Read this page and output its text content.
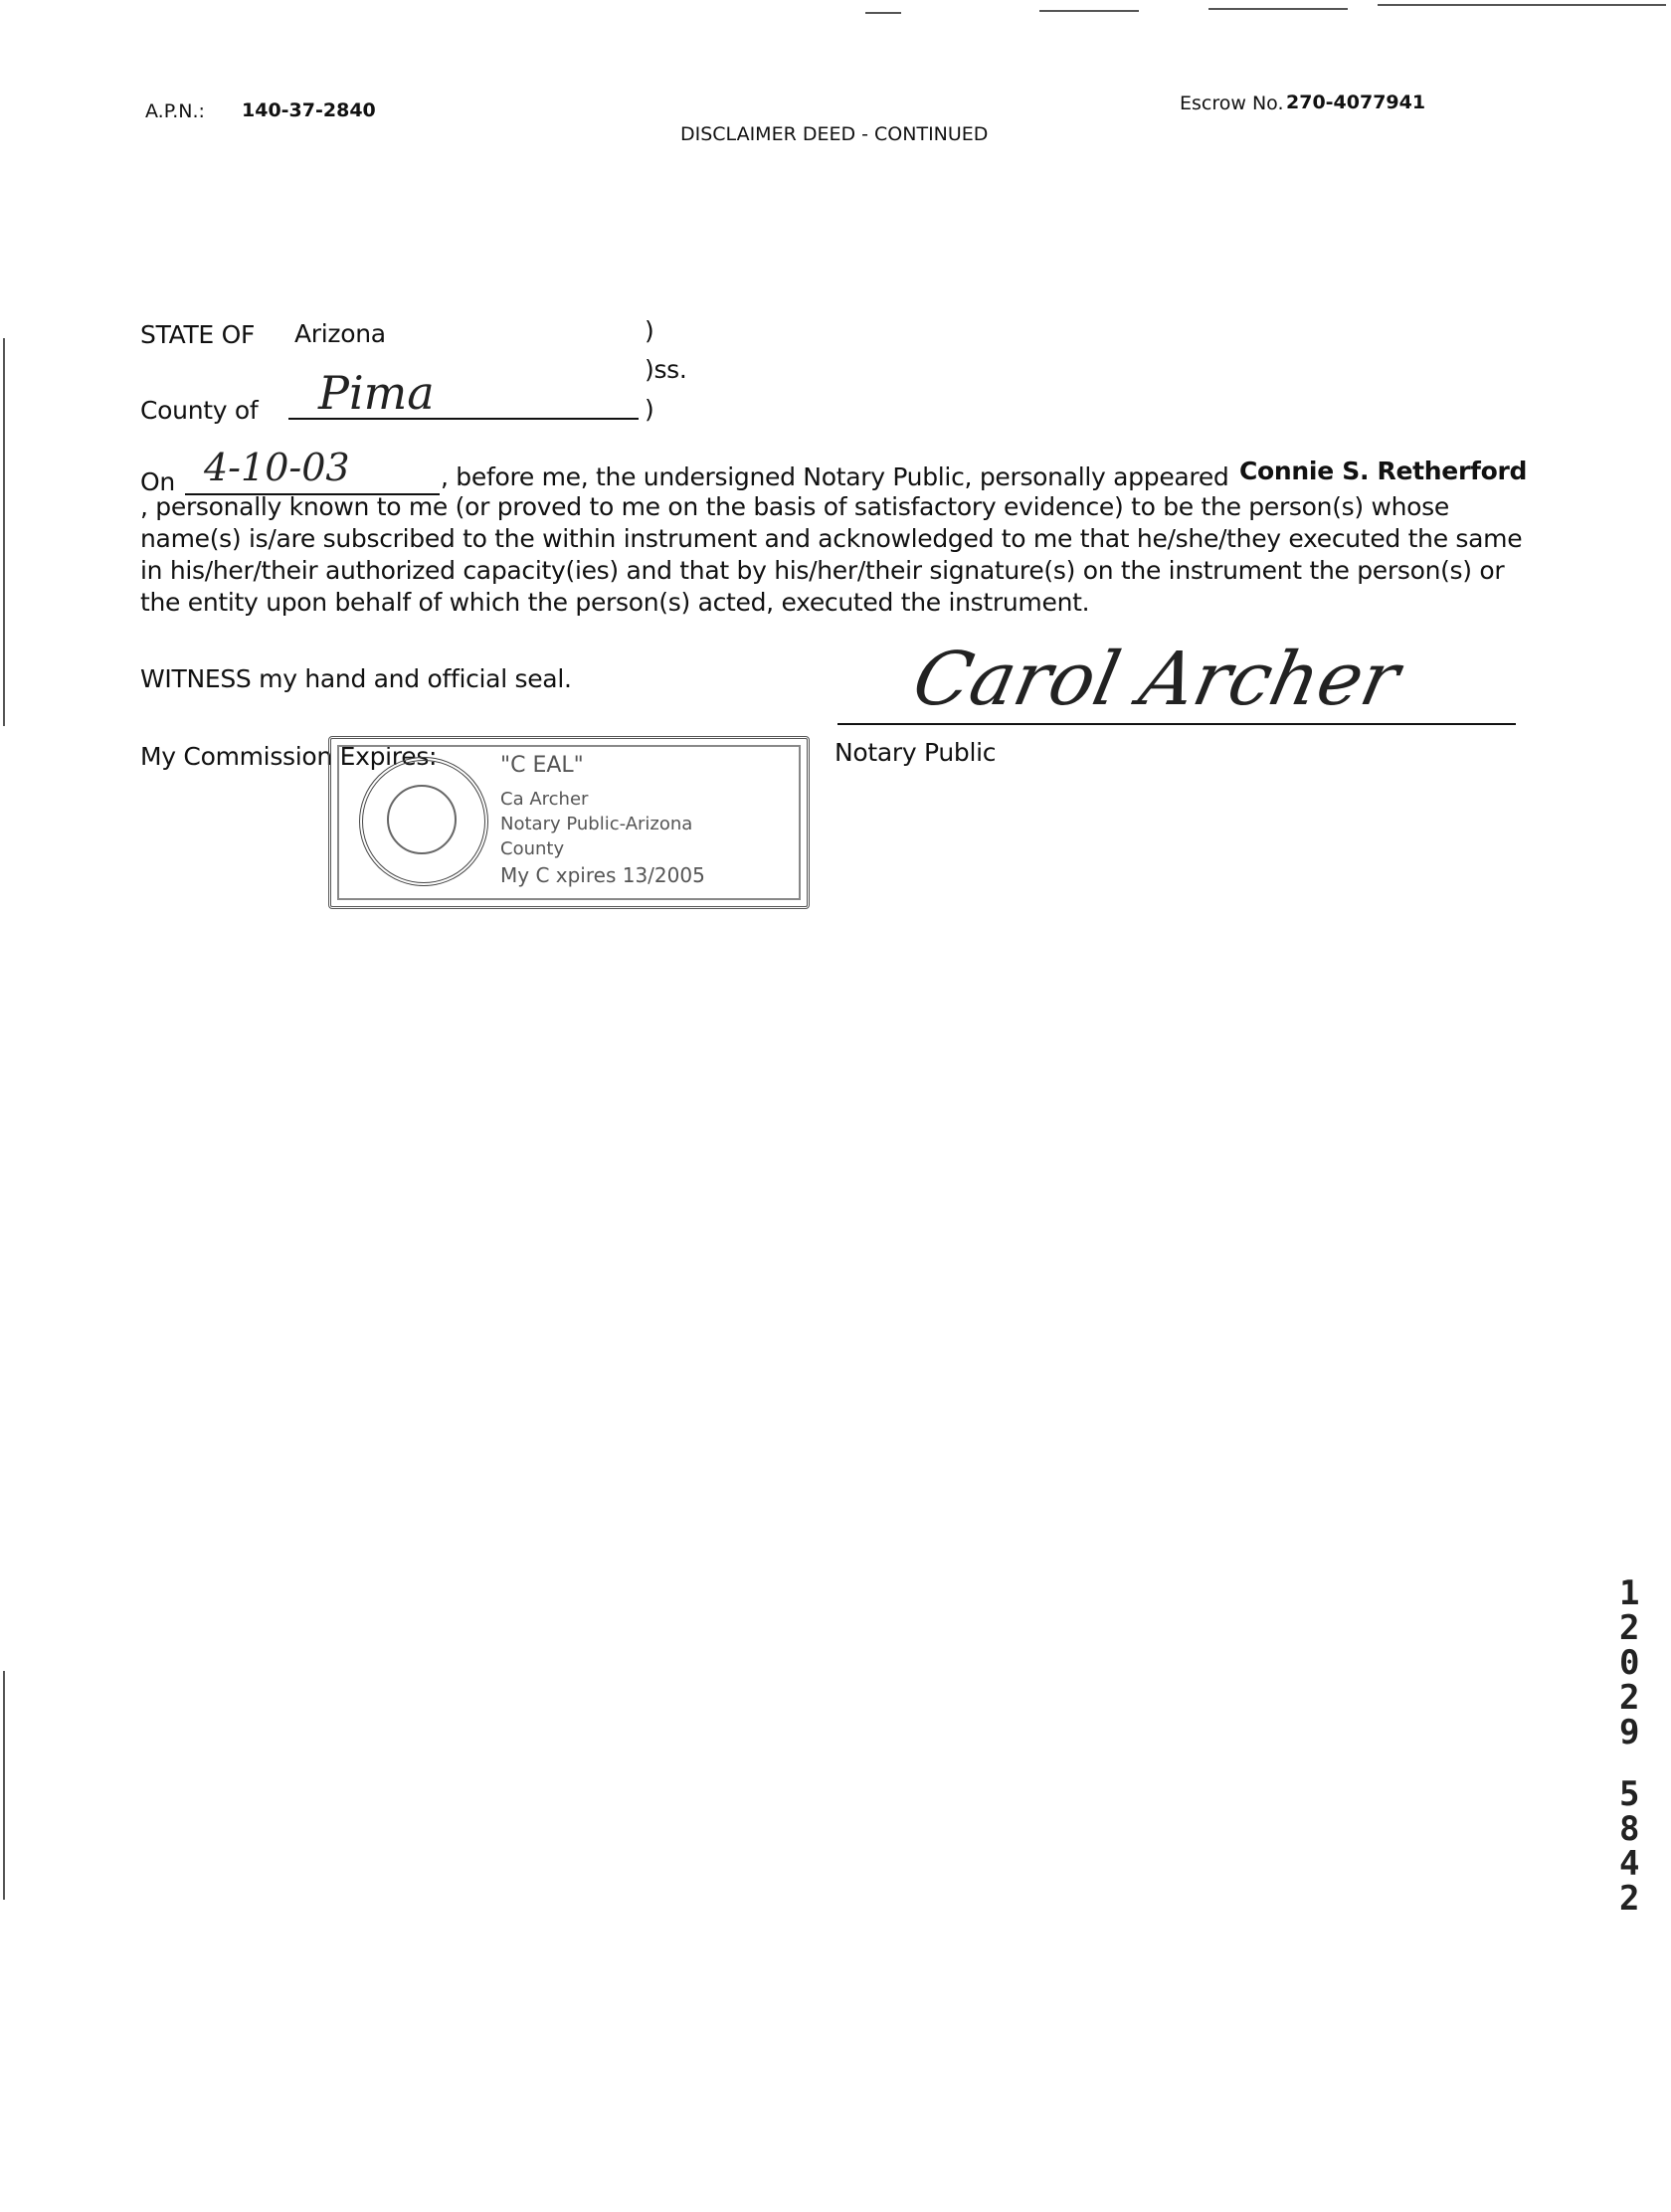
A.P.N.: 140-37-2840
DISCLAIMER DEED - CONTINUED
Escrow No. 270-4077941
STATE OF Arizona	)
)ss.
County of Pima	)
On 4-10-03	, before me, the undersigned Notary Public, personally appeared Connie S. Retherford
, personally known to me (or proved to me on the basis of satisfactory evidence) to be the person(s) whose
name(s) is/are subscribed to the within instrument and acknowledged to me that he/she/they executed the same
in his/her/their authorized capacity(ies) and that by his/her/their signature(s) on the instrument the person(s) or
the entity upon behalf of which the person(s) acted, executed the instrument.
WITNESS my hand and official seal.	Carol Archer
Notary Public
My Commission Expires:	"C EAL"
Ca Archer
Notary Public-Arizona
County
My C xpires 13/2005
1
2
0
2
9
5
8
4
2
